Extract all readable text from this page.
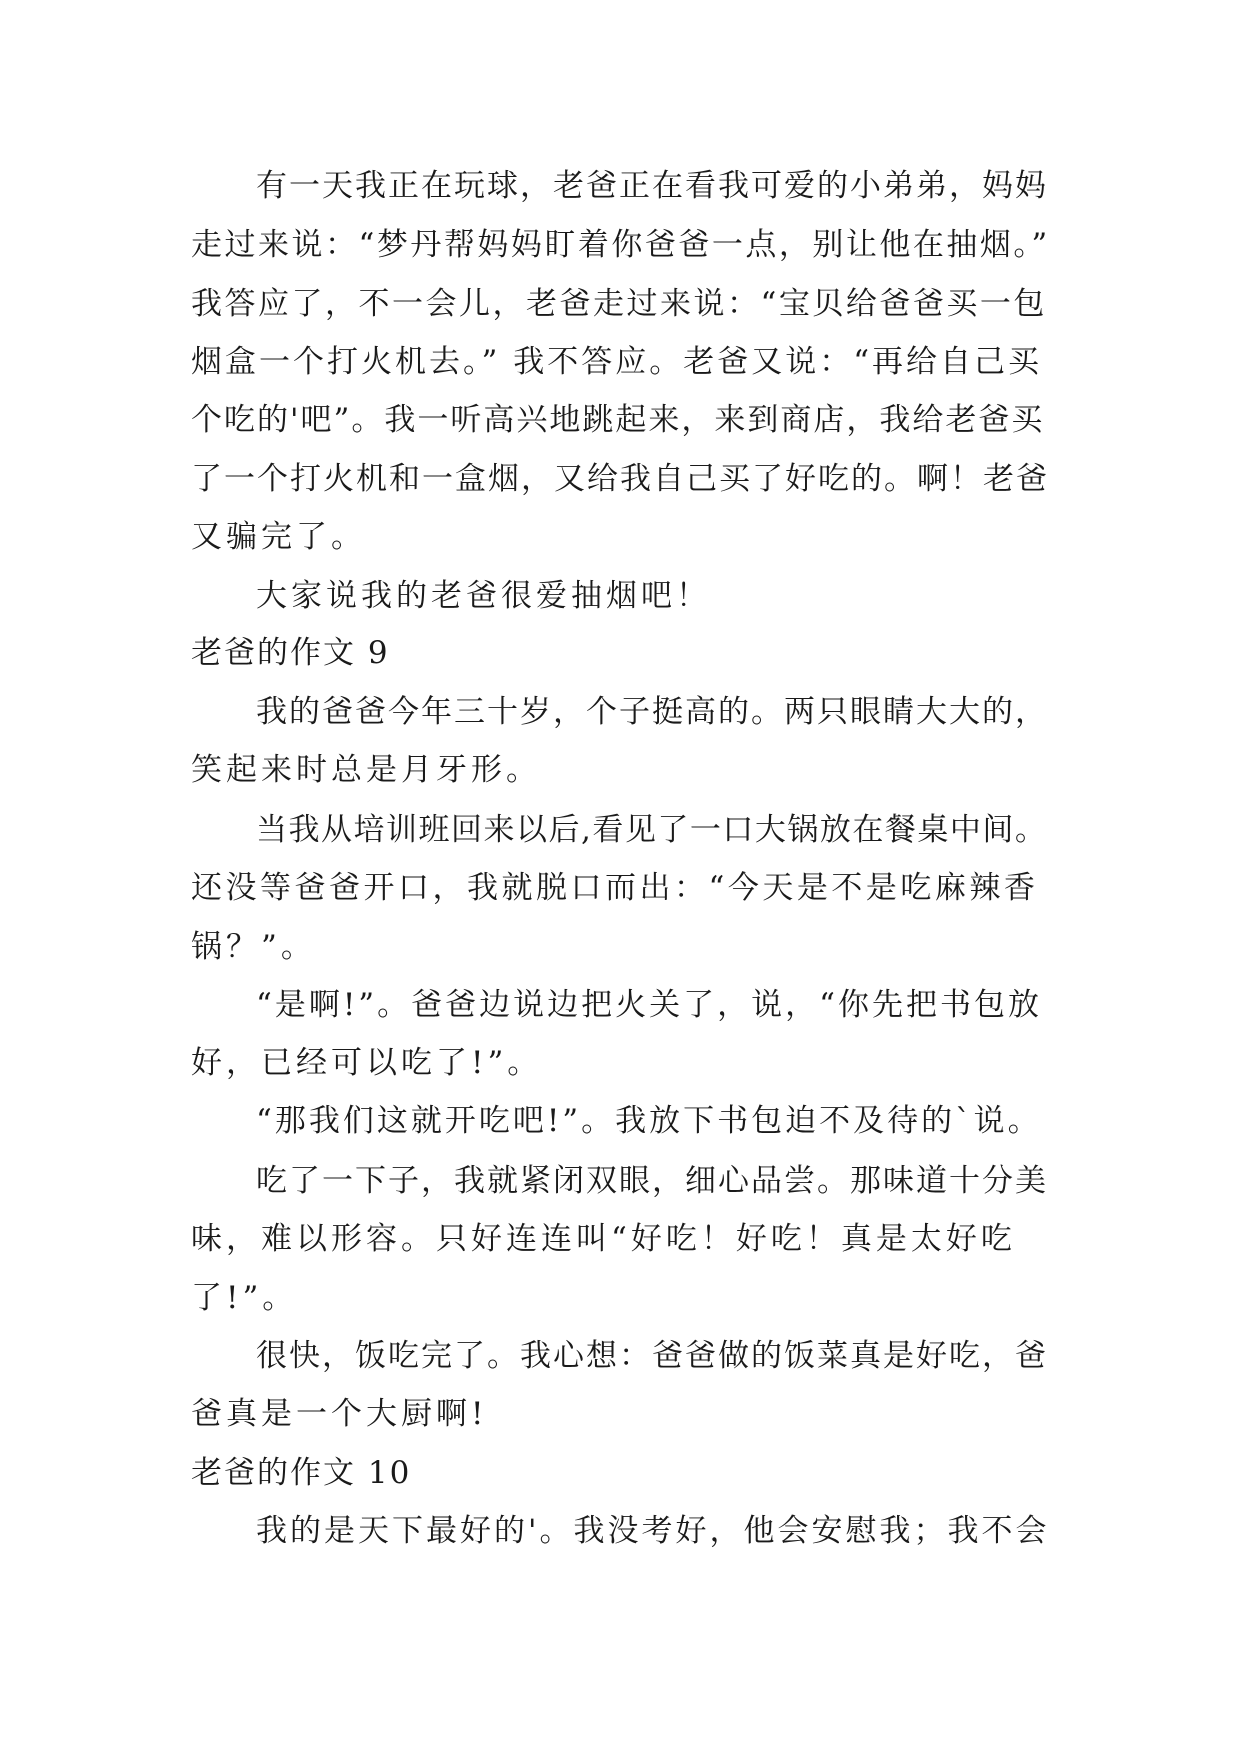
有一天我正在玩球，老爸正在看我可爱的小弟弟，妈妈
走过来说：“梦丹帮妈妈盯着你爸爸一点，别让他在抽烟。”
我答应了，不一会儿，老爸走过来说：“宝贝给爸爸买一包
烟盒一个打火机去。” 我不答应。老爸又说：“再给自己买
个吃的'吧”。我一听高兴地跳起来，来到商店，我给老爸买
了一个打火机和一盒烟，又给我自己买了好吃的。啊！老爸
又骗完了。
大家说我的老爸很爱抽烟吧！
老爸的作文 9
我的爸爸今年三十岁，个子挺高的。两只眼睛大大的，
笑起来时总是月牙形。
当我从培训班回来以后,看见了一口大锅放在餐桌中间。
还没等爸爸开口，我就脱口而出：“今天是不是吃麻辣香
锅？”。
“是啊!”。爸爸边说边把火关了，说，“你先把书包放
好，已经可以吃了!”。
“那我们这就开吃吧!”。我放下书包迫不及待的`说。
吃了一下子，我就紧闭双眼，细心品尝。那味道十分美
味，难以形容。只好连连叫“好吃！好吃！真是太好吃
了!”。
很快，饭吃完了。我心想：爸爸做的饭菜真是好吃，爸
爸真是一个大厨啊!
老爸的作文 10
我的是天下最好的'。我没考好，他会安慰我；我不会
